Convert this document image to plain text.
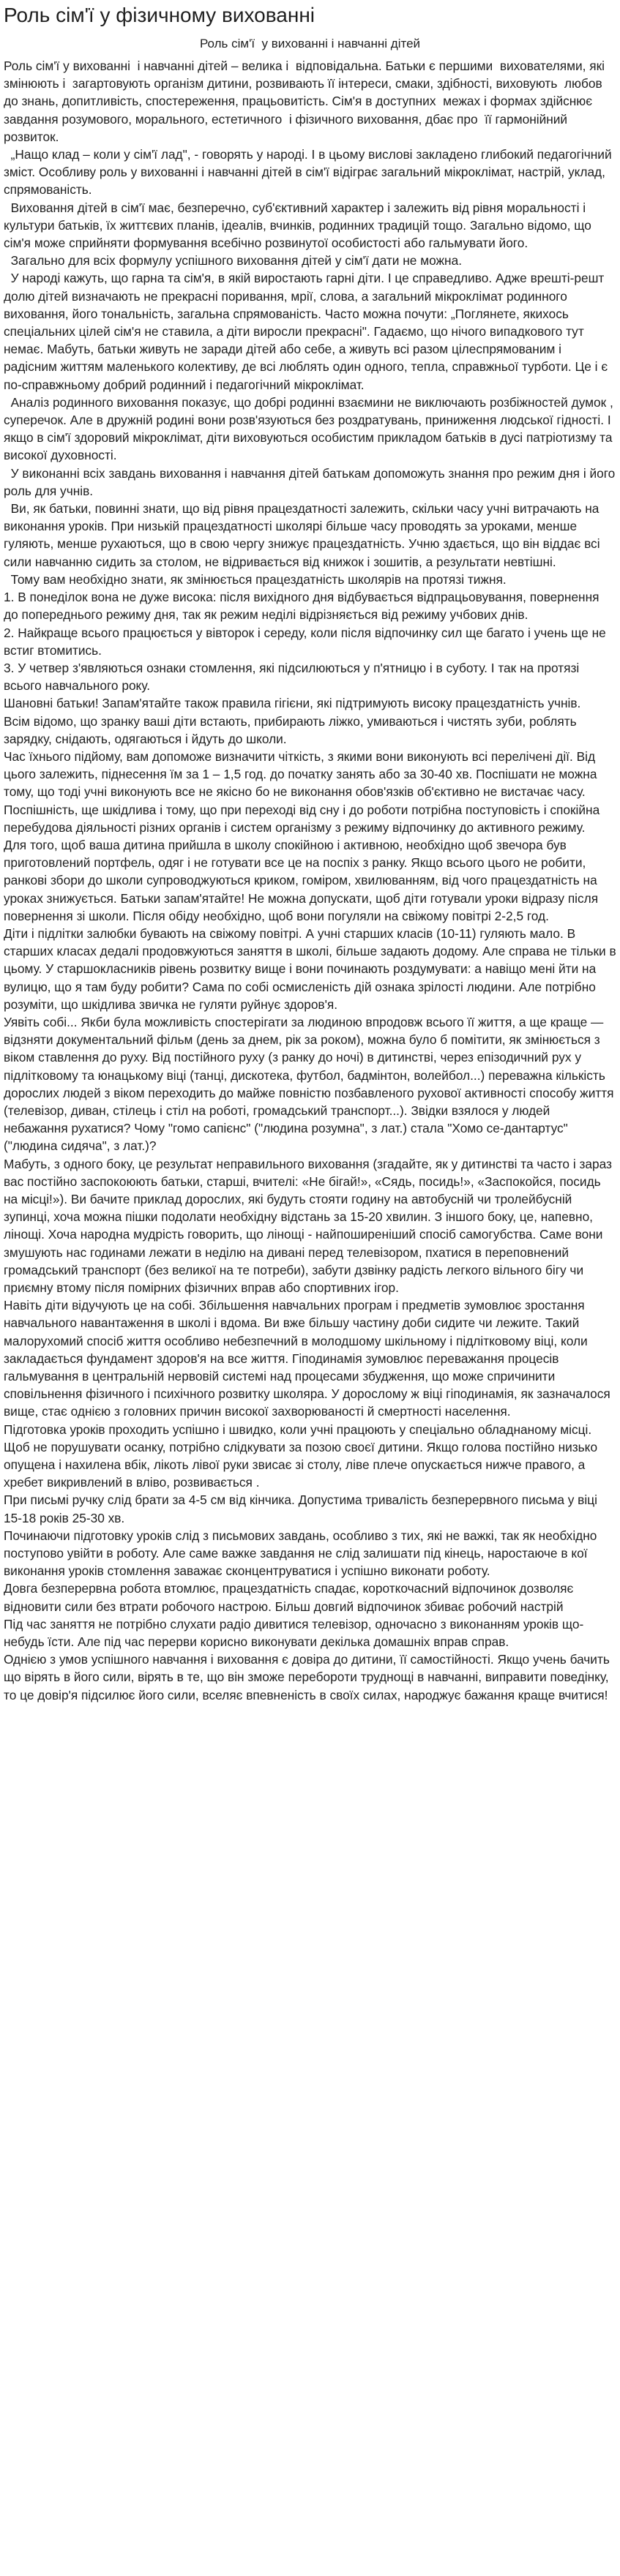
Роль сім'ї у фізичному вихованні
Роль сім'ї  у вихованні і навчанні дітей

Роль сім'ї у вихованні  і навчанні дітей – велика і  відповідальна. Батьки є першими  вихователями, які змінюють і  загартовують організм дитини, розвивають її інтереси, смаки, здібності, виховують  любов до знань, допитливість, спостереження, працьовитість. Сім'я в доступних  межах і формах здійснює завдання розумового, морального, естетичного  і фізичного виховання, дбає про  її гармонійний розвиток.

„Нащо клад – коли у сім'ї лад", - говорять у народі. І в цьому вислові закладено глибокий педагогічний зміст. Особливу роль у вихованні і навчанні дітей в сім'ї відіграє загальний мікроклімат, настрій, уклад, спрямованість.

Виховання дітей в сім'ї має, безперечно, суб'єктивний характер і залежить від рівня моральності і культури батьків, їх життєвих планів, ідеалів, вчинків, родинних традицій тощо. Загально відомо, що сім'я може сприйняти формування всебічно розвинутої особистості або гальмувати його.

Загально для всіх формулу успішного виховання дітей у сім'ї дати не можна.

У народі кажуть, що гарна та сім'я, в якій виростають гарні діти. І це справедливо. Адже врешті-решт долю дітей визначають не прекрасні поривання, мрії, слова, а загальний мікроклімат родинного виховання, його тональність, загальна спрямованість. Часто можна почути: „Поглянете, якихось спеціальних цілей сім'я не ставила, а діти виросли прекрасні". Гадаємо, що нічого випадкового тут немає. Мабуть, батьки живуть не заради дітей або себе, а живуть всі разом цілеспрямованим і радісним життям маленького колективу, де всі люблять один одного, тепла, справжньої турботи. Це і є по-справжньому добрий родинний і педагогічний мікроклімат.

Аналіз родинного виховання показує, що добрі родинні взаємини не виключають розбіжностей думок , суперечок. Але в дружнiй родині вони розв'язуються без роздратувань, приниження людської гідності. І якщо в сім'ї здоровий мікроклімат, діти виховуються особистим прикладом батьків в дусі патріотизму та високої духовності.

У виконанні всіх завдань виховання і навчання дітей батькам допоможуть знання про режим дня і його роль для учнів.

Ви, як батьки, повинні знати, що від рівня працездатності залежить, скільки часу учні витрачають на виконання уроків. При низькій працездатності школярі більше часу проводять за уроками, менше гуляють, менше рухаються, що в свою чергу знижує працездатність. Учню здається, що він віддає всі сили навчанню сидить за столом, не відривається від книжок і зошитів, а результати невтішні.

Тому вам необхідно знати, як змінюється працездатність школярів на протязі тижня.

1. В понеділок вона не дуже висока: після вихідного дня відбувається відпрацьовування, повернення до попереднього режиму дня, так як режим неділі відрізняється від режиму учбових днів.

2. Найкраще всього працюється у вівторок і середу, коли після відпочинку сил ще багато і учень ще не встиг втомитись.

3. У четвер з'являються ознаки стомлення, які підсилюються у п'ятницю і в суботу. І так на протязі всього навчального року.

Шановні батьки! Запам'ятайте також правила гігієни, які підтримують високу працездатність учнів.

Всім відомо, що зранку ваші діти встають, прибирають ліжко, умиваються і чистять зуби, роблять зарядку, снідають, одягаються і йдуть до школи.

Час їхнього підйому, вам допоможе визначити чіткість, з якими вони виконують всі перелічені дії. Від цього залежить, піднесення їм за 1 – 1,5 год. до початку занять або за 30-40 хв. Поспішати не можна тому, що тоді учні виконують все не якісно бо не виконання обов'язків об'єктивно не вистачає часу. Поспішність, ще шкідлива і тому, що при переході від сну і до роботи потрібна поступовість і спокійна перебудова діяльності різних органів і систем організму з режиму відпочинку до активного режиму.

Для того, щоб ваша дитина прийшла в школу спокійною і активною, необхідно щоб звечора був приготовлений портфель, одяг і не готувати все це на поспіх з ранку. Якщо всього цього не робити, ранкові збори до школи супроводжуються криком, гомiром, хвилюванням, від чого працездатність на уроках знижується. Батьки запам'ятайте! Не можна допускати, щоб діти готували уроки відразу після повернення зі школи. Після обіду необхідно, щоб вони погуляли на свіжому повітрі 2-2,5 год.

Діти і підлітки залюбки бувають на свіжому повітрі. А учні старших класів (10-11) гуляють мало. В старших класах дедалі продовжуються заняття в школі, більше задають додому. Але справа не тільки в цьому. У старшокласників рівень розвитку вище і вони починають роздумувати: а навіщо мені йти на вулицю, що я там буду робити? Сама по собі осмисленість дій ознака зрілості людини. Але потрібно розуміти, що шкідлива звичка не гуляти руйнує здоров'я.

Уявіть собі... Якби була можливість спостерігати за людиною впродовж всього її життя, а ще краще — відзняти документальний фільм (день за днем, рік за роком), можна було б помітити, як змінюється з віком ставлення до руху. Від постійного руху (з ранку до ночі) в дитинстві, через епізодичний рух у підлітковому та юнацькому віці (танці, дискотека, футбол, бадмінтон, волейбол...) переважна кількість дорослих людей з віком переходить до майже повністю позбавленого рухової активності способу життя (телевізор, диван, стілець і стіл на роботі, громадський транспорт...). Звідки взялося у людей небажання рухатися? Чому "гомо сапієнс" ("людина розумна", з лат.) стала "Хомо се-дантартус" ("людина сидяча", з лат.)?

Мабуть, з одного боку, це результат неправильного виховання (згадайте, як у дитинстві та часто і зараз вас постійно заспокоюють батьки, старші, вчителі: «Не бігай!», «Сядь, посидь!», «Заспокойся, посидь на місці!»). Ви бачите приклад дорослих, які будуть стояти годину на автобусній чи тролейбусній зупинці, хоча можна пішки подолати необхідну відстань за 15-20 хвилин. З іншого боку, це, напевно, лінощі. Хоча нарoдна мудрість говорить, що лінощі - найпоширеніший спосіб самогубства. Саме вони змушують нас годинами лежати в неділю на дивані перед телевізором, пхатися в переповнений громадський транспорт (без великої на те потреби), забути дзвінку радість легкого вільного бігу чи приємну втому після помірних фізичних вправ або спортивних ігор.

Навіть діти відучують це на собі. Збільшення навчальних програм і предметів зумовлює зростання навчального навантаження в школі і вдома. Ви вже більшу частину доби сидите чи лежите. Такий малорухомий спосіб життя особливо небезпечний в молодшому шкільному і підлітковому віці, коли закладається фундамент здоров'я на все життя. Гіподинамія зумовлює переважання процесів гальмування в центральній нервовій системі над процесами збудження, що може спричинити сповільнення фізичного і психічного розвитку школяра. У дорослому ж віці гіподинамія, як зазначалося вище, стає однією з головних причин високої захворюваності й смертності населення.

Підготовка уроків проходить успішно і швидко, коли учні працюють у спеціально обладнаному місці. Щоб не порушувати осанку, потрібно слідкувати за позою своєї дитини. Якщо голова постійно низько опущена і нахилена вбік, лікоть лівої руки звисає зі столу, ліве плече опускається нижче правого, а хребет викривлений в вліво, розвивається .

При письмі ручку слід брати за 4-5 см від кінчика. Допустима тривалість безперервного письма у віці 15-18 років 25-30 хв.

Починаючи підготовку уроків слід з письмових завдань, особливо з тих, які не важкі, так як необхідно поступово увійти в роботу. Але саме важке завдання не слід залишати під кінець, нарoстаюче в кої виконання уроків стомлення заважає сконцентруватися і успішно виконати роботу.

Довга безперервна робота втомлює, працездатність спадає, короткочасний відпочинок дозволяє відновити сили без втрати робочого настрою. Більш довгий відпочинок збиває робочий настрій

Під час заняття не потрібно слухати радіо дивитися телевізор, одночасно з виконанням уроків що-небудь їсти. Але під час перерви корисно виконувати декілька домашніх вправ справ.

Однією з умов успішного навчання і виховання є довіра до дитини, її самостійності. Якщо учень бачить що вірять в його сили, вірять в те, що він зможе переборoти труднощі в навчанні, виправити поведінку, то це довір'я підсилює його сили, вселяє впевненість в своїх силах, народжує бажання краще вчитися!
